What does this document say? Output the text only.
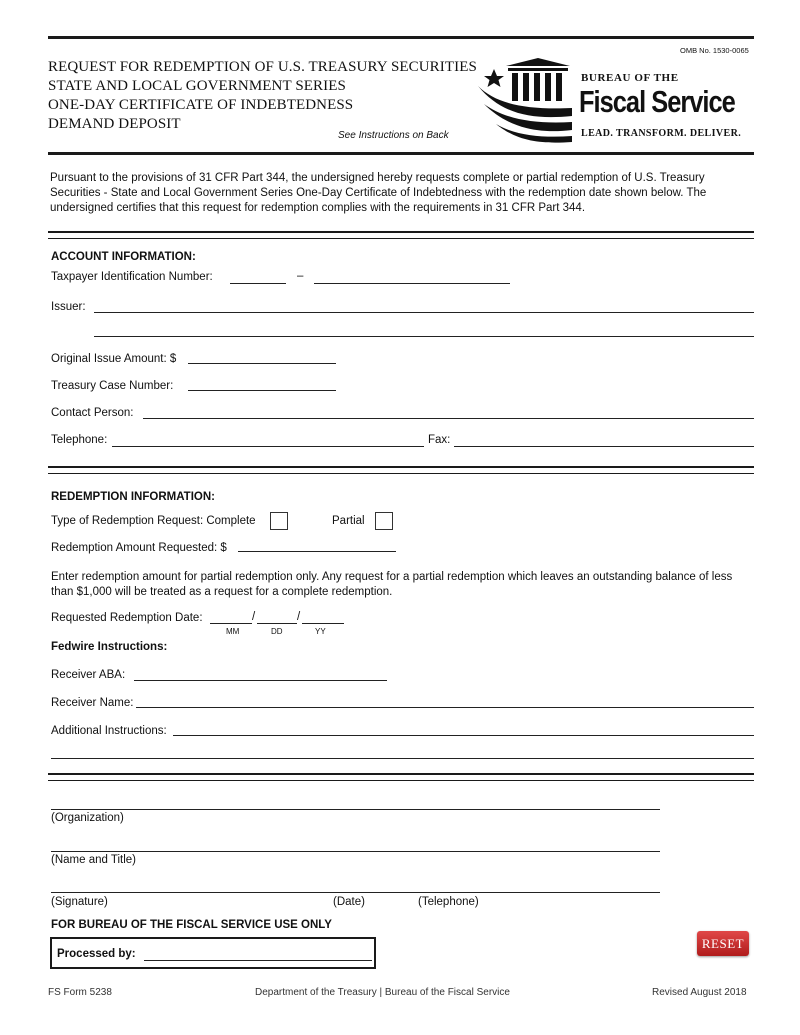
OMB No. 1530-0065
REQUEST FOR REDEMPTION OF U.S. TREASURY SECURITIES
STATE AND LOCAL GOVERNMENT SERIES
ONE-DAY CERTIFICATE OF INDEBTEDNESS
DEMAND DEPOSIT
See Instructions on Back
BUREAU OF THE
Fiscal Service
LEAD. TRANSFORM. DELIVER.
Pursuant to the provisions of 31 CFR Part 344, the undersigned hereby requests complete or partial redemption of U.S. Treasury Securities - State and Local Government Series One-Day Certificate of Indebtedness with the redemption date shown below. The undersigned certifies that this request for redemption complies with the requirements in 31 CFR Part 344.
ACCOUNT INFORMATION:
Taxpayer Identification Number:	–
Issuer:
Original Issue Amount: $
Treasury Case Number:
Contact Person:
Telephone:	Fax:
REDEMPTION INFORMATION:
Type of Redemption Request: Complete	Partial
Redemption Amount Requested: $
Enter redemption amount for partial redemption only. Any request for a partial redemption which leaves an outstanding balance of less than $1,000 will be treated as a request for a complete redemption.
Requested Redemption Date:	/	/
MM	DD	YY
Fedwire Instructions:
Receiver ABA:
Receiver Name:
Additional Instructions:
(Organization)
(Name and Title)
(Signature)	(Date)	(Telephone)
FOR BUREAU OF THE FISCAL SERVICE USE ONLY
Processed by:
RESET
FS Form 5238	Department of the Treasury | Bureau of the Fiscal Service	Revised August 2018
